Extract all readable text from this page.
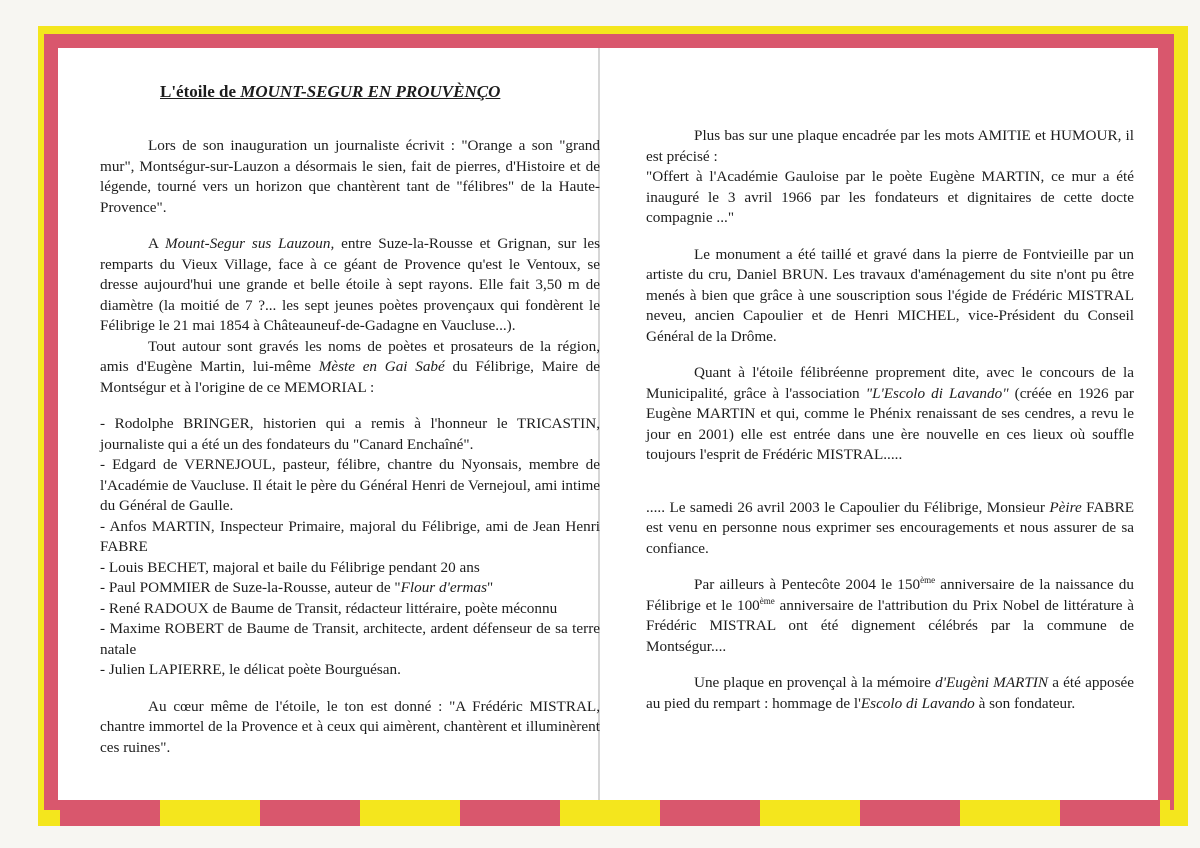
L'étoile de MOUNT-SEGUR EN PROUVÈNÇO

Lors de son inauguration un journaliste écrivit : "Orange a son "grand mur", Montségur-sur-Lauzon a désormais le sien, fait de pierres, d'Histoire et de légende, tourné vers un horizon que chantèrent tant de "félibres" de la Haute-Provence".

A Mount-Segur sus Lauzoun, entre Suze-la-Rousse et Grignan, sur les remparts du Vieux Village, face à ce géant de Provence qu'est le Ventoux, se dresse aujourd'hui une grande et belle étoile à sept rayons. Elle fait 3,50 m de diamètre (la moitié de 7 ?... les sept jeunes poètes provençaux qui fondèrent le Félibrige le 21 mai 1854 à Châteauneuf-de-Gadagne en Vaucluse...).

Tout autour sont gravés les noms de poètes et prosateurs de la région, amis d'Eugène Martin, lui-même Mèste en Gai Sabé du Félibrige, Maire de Montségur et à l'origine de ce MEMORIAL :

- Rodolphe BRINGER, historien qui a remis à l'honneur le TRICASTIN, journaliste qui a été un des fondateurs du "Canard Enchaîné".

- Edgard de VERNEJOUL, pasteur, félibre, chantre du Nyonsais, membre de l'Académie de Vaucluse. Il était le père du Général Henri de Vernejoul, ami intime du Général de Gaulle.

- Anfos MARTIN, Inspecteur Primaire, majoral du Félibrige, ami de Jean Henri FABRE

- Louis BECHET, majoral et baile du Félibrige pendant 20 ans

- Paul POMMIER de Suze-la-Rousse, auteur de "Flour d'ermas"

- René RADOUX de Baume de Transit, rédacteur littéraire, poète méconnu

- Maxime ROBERT de Baume de Transit, architecte, ardent défenseur de sa terre natale

- Julien LAPIERRE, le délicat poète Bourguésan.

Au cœur même de l'étoile, le ton est donné : "A Frédéric MISTRAL, chantre immortel de la Provence et à ceux qui aimèrent, chantèrent et illuminèrent ces ruines".

Plus bas sur une plaque encadrée par les mots AMITIE et HUMOUR, il est précisé :

"Offert à l'Académie Gauloise par le poète Eugène MARTIN, ce mur a été inauguré le 3 avril 1966 par les fondateurs et dignitaires de cette docte compagnie ..."

Le monument a été taillé et gravé dans la pierre de Fontvieille par un artiste du cru, Daniel BRUN. Les travaux d'aménagement du site n'ont pu être menés à bien que grâce à une souscription sous l'égide de Frédéric MISTRAL neveu, ancien Capoulier et de Henri MICHEL, vice-Président du Conseil Général de la Drôme.

Quant à l'étoile félibréenne proprement dite, avec le concours de la Municipalité, grâce à l'association "L'Escolo di Lavando" (créée en 1926 par Eugène MARTIN et qui, comme le Phénix renaissant de ses cendres, a revu le jour en 2001) elle est entrée dans une ère nouvelle en ces lieux où souffle toujours l'esprit de Frédéric MISTRAL.....

..... Le samedi 26 avril 2003 le Capoulier du Félibrige, Monsieur Pèire FABRE est venu en personne nous exprimer ses encouragements et nous assurer de sa confiance.

Par ailleurs à Pentecôte 2004 le 150ème anniversaire de la naissance du Félibrige et le 100ème anniversaire de l'attribution du Prix Nobel de littérature à Frédéric MISTRAL ont été dignement célébrés par la commune de Montségur....

Une plaque en provençal à la mémoire d'Eugèni MARTIN a été apposée au pied du rempart : hommage de l'Escolo di Lavando à son fondateur.
